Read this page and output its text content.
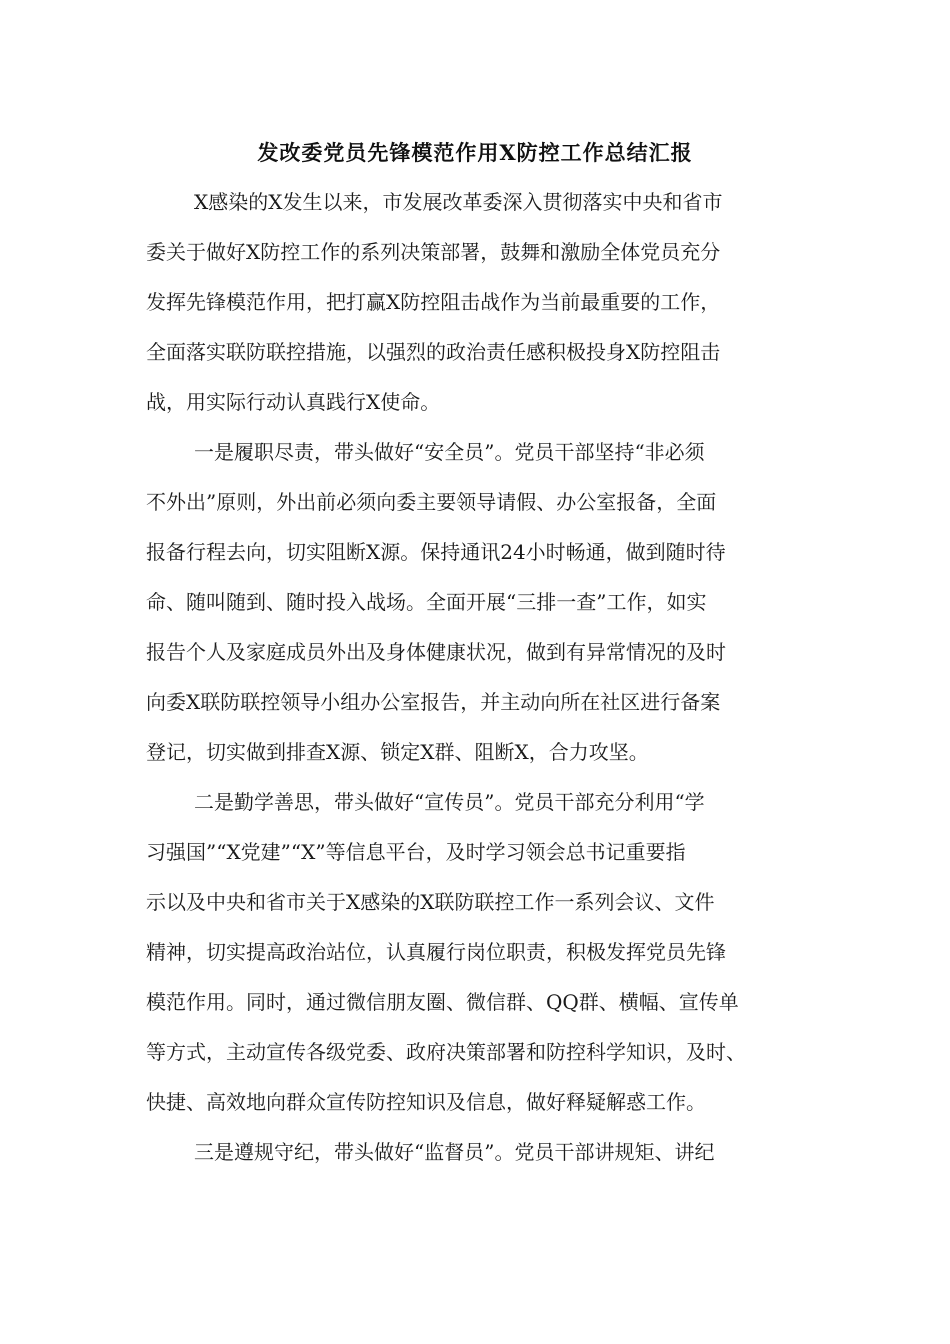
发改委党员先锋模范作用X防控工作总结汇报
X感染的X发生以来，市发展改革委深入贯彻落实中央和省市
委关于做好X防控工作的系列决策部署，鼓舞和激励全体党员充分
发挥先锋模范作用，把打赢X防控阻击战作为当前最重要的工作，
全面落实联防联控措施，以强烈的政治责任感积极投身X防控阻击
战，用实际行动认真践行X使命。
一是履职尽责，带头做好“安全员”。党员干部坚持“非必须
不外出”原则，外出前必须向委主要领导请假、办公室报备，全面
报备行程去向，切实阻断X源。保持通讯24小时畅通，做到随时待
命、随叫随到、随时投入战场。全面开展“三排一查”工作，如实
报告个人及家庭成员外出及身体健康状况，做到有异常情况的及时
向委X联防联控领导小组办公室报告，并主动向所在社区进行备案
登记，切实做到排查X源、锁定X群、阻断X，合力攻坚。
二是勤学善思，带头做好“宣传员”。党员干部充分利用“学
习强国”“X党建”“X”等信息平台，及时学习领会总书记重要指
示以及中央和省市关于X感染的X联防联控工作一系列会议、文件
精神，切实提高政治站位，认真履行岗位职责，积极发挥党员先锋
模范作用。同时，通过微信朋友圈、微信群、QQ群、横幅、宣传单
等方式，主动宣传各级党委、政府决策部署和防控科学知识，及时、
快捷、高效地向群众宣传防控知识及信息，做好释疑解惑工作。
三是遵规守纪，带头做好“监督员”。党员干部讲规矩、讲纪
